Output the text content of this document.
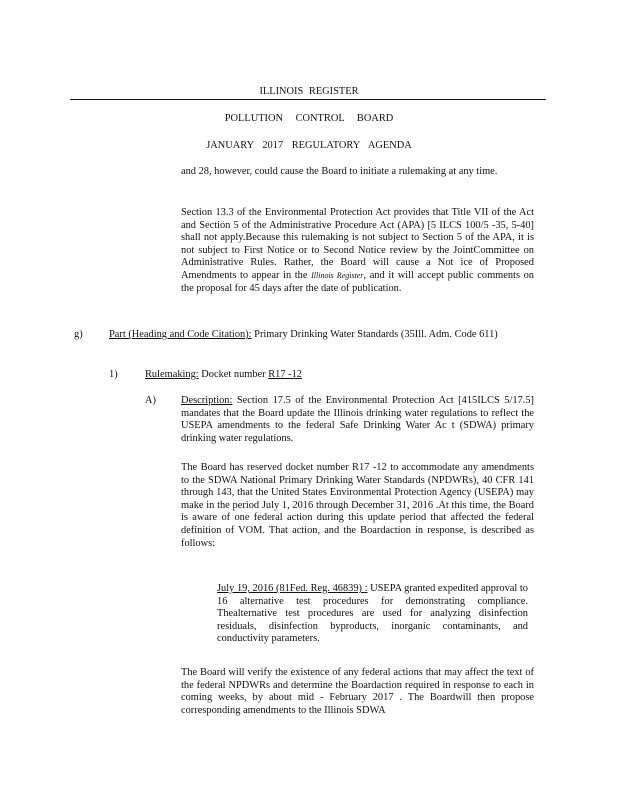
ILLINOIS REGISTER
POLLUTION CONTROL BOARD
JANUARY 2017 REGULATORY AGENDA
and 28, however, could cause the Board to initiate a rulemaking at any time.
Section 13.3 of the Environmental Protection Act provides that Title VII of the Act and Section 5 of the Administrative Procedure Act (APA) [5 ILCS 100/5 -35, 5-40] shall not apply.Because this rulemaking is not subject to Section 5 of the APA, it is not subject to First Notice or to Second Notice review by the JointCommittee on Administrative Rules. Rather, the Board will cause a Not ice of Proposed Amendments to appear in the Illinois Register, and it will accept public comments on the proposal for 45 days after the date of publication.
g)	Part (Heading and Code Citation): Primary Drinking Water Standards (35Ill. Adm. Code 611)
1)	Rulemaking: Docket number R17 -12
A) Description: Section 17.5 of the Environmental Protection Act [415ILCS 5/17.5] mandates that the Board update the Illinois drinking water regulations to reflect the USEPA amendments to the federal Safe Drinking Water Ac t (SDWA) primary drinking water regulations.
The Board has reserved docket number R17 -12 to accommodate any amendments to the SDWA National Primary Drinking Water Standards (NPDWRs), 40 CFR 141 through 143, that the United States Environmental Protection Agency (USEPA) may make in the period July 1, 2016 through December 31, 2016 .At this time, the Board is aware of one federal action during this update period that affected the federal definition of VOM. That action, and the Boardaction in response, is described as follows:
July 19, 2016 (81Fed. Reg. 46839) : USEPA granted expedited approval to 16 alternative test procedures for demonstrating compliance. Thealternative test procedures are used for analyzing disinfection residuals, disinfection byproducts, inorganic contaminants, and conductivity parameters.
The Board will verify the existence of any federal actions that may affect the text of the federal NPDWRs and determine the Boardaction required in response to each in coming weeks, by about mid - February 2017 . The Boardwill then propose corresponding amendments to the Illinois SDWA
